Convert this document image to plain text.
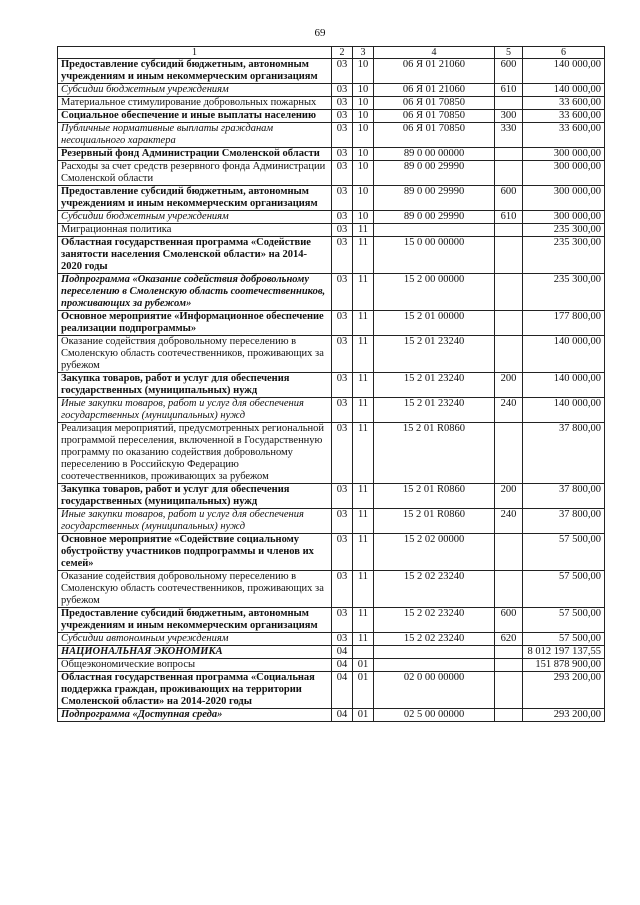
69
1	2	3	4	5	6
Предоставление субсидий бюджетным, автономным учреждениям и иным некоммерческим организациям	03	10	06 Я 01 21060	600	140 000,00
Субсидии бюджетным учреждениям	03	10	06 Я 01 21060	610	140 000,00
Материальное стимулирование добровольных пожарных	03	10	06 Я 01 70850		33 600,00
Социальное обеспечение и иные выплаты населению	03	10	06 Я 01 70850	300	33 600,00
Публичные нормативные выплаты гражданам несоциального характера	03	10	06 Я 01 70850	330	33 600,00
Резервный фонд Администрации Смоленской области	03	10	89 0 00 00000		300 000,00
Расходы за счет средств резервного фонда Администрации Смоленской области	03	10	89 0 00 29990		300 000,00
Предоставление субсидий бюджетным, автономным учреждениям и иным некоммерческим организациям	03	10	89 0 00 29990	600	300 000,00
Субсидии бюджетным учреждениям	03	10	89 0 00 29990	610	300 000,00
Миграционная политика	03	11			235 300,00
Областная государственная программа «Содействие занятости населения Смоленской области» на 2014-2020 годы	03	11	15 0 00 00000		235 300,00
Подпрограмма «Оказание содействия добровольному переселению в Смоленскую область соотечественников, проживающих за рубежом»	03	11	15 2 00 00000		235 300,00
Основное мероприятие «Информационное обеспечение реализации подпрограммы»	03	11	15 2 01 00000		177 800,00
Оказание содействия добровольному переселению в Смоленскую область соотечественников, проживающих за рубежом	03	11	15 2 01 23240		140 000,00
Закупка товаров, работ и услуг для обеспечения государственных (муниципальных) нужд	03	11	15 2 01 23240	200	140 000,00
Иные закупки товаров, работ и услуг для обеспечения государственных (муниципальных) нужд	03	11	15 2 01 23240	240	140 000,00
Реализация мероприятий, предусмотренных региональной программой переселения, включенной в Государственную программу по оказанию содействия добровольному переселению в Российскую Федерацию соотечественников, проживающих за рубежом	03	11	15 2 01 R0860		37 800,00
Закупка товаров, работ и услуг для обеспечения государственных (муниципальных) нужд	03	11	15 2 01 R0860	200	37 800,00
Иные закупки товаров, работ и услуг для обеспечения государственных (муниципальных) нужд	03	11	15 2 01 R0860	240	37 800,00
Основное мероприятие «Содействие социальному обустройству участников подпрограммы и членов их семей»	03	11	15 2 02 00000		57 500,00
Оказание содействия добровольному переселению в Смоленскую область соотечественников, проживающих за рубежом	03	11	15 2 02 23240		57 500,00
Предоставление субсидий бюджетным, автономным учреждениям и иным некоммерческим организациям	03	11	15 2 02 23240	600	57 500,00
Субсидии автономным учреждениям	03	11	15 2 02 23240	620	57 500,00
НАЦИОНАЛЬНАЯ ЭКОНОМИКА	04				8 012 197 137,55
Общеэкономические вопросы	04	01			151 878 900,00
Областная государственная программа «Социальная поддержка граждан, проживающих на территории Смоленской области» на 2014-2020 годы	04	01	02 0 00 00000		293 200,00
Подпрограмма «Доступная среда»	04	01	02 5 00 00000		293 200,00
